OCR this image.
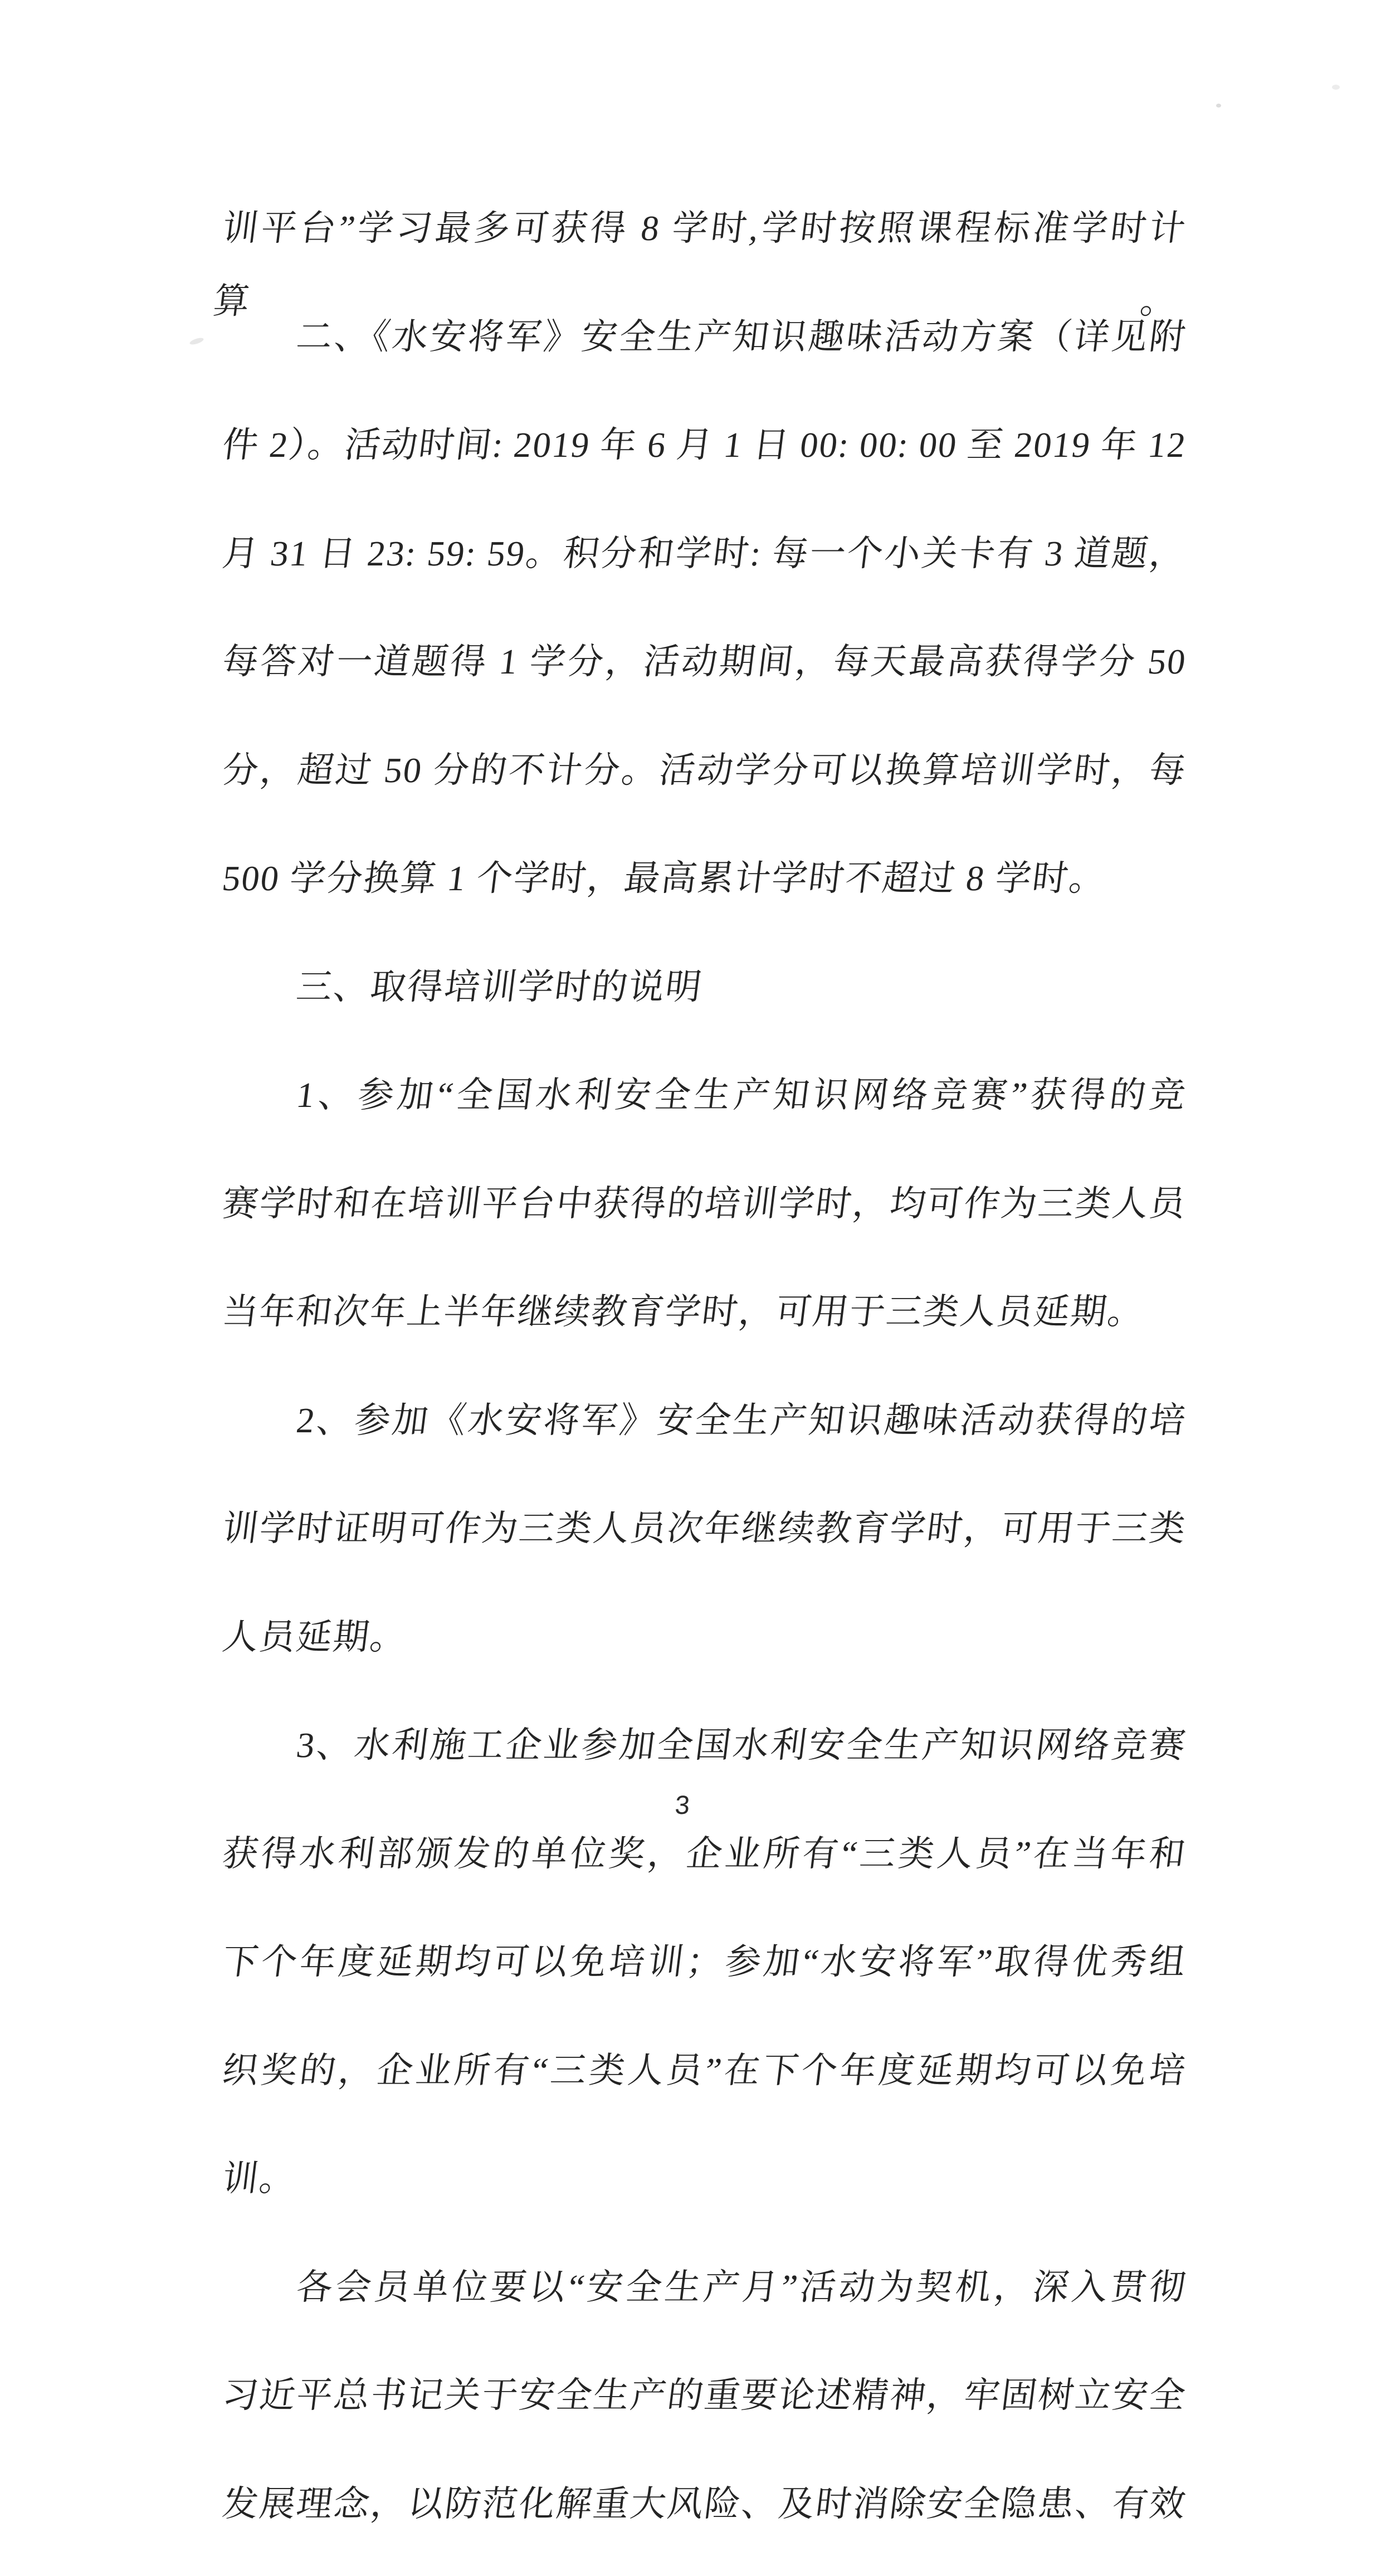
训平台”学习最多可获得 8 学时,学时按照课程标准学时计算。

二、《水安将军》安全生产知识趣味活动方案（详见附

件 2）。活动时间: 2019 年 6 月 1 日 00: 00: 00 至 2019 年 12

月 31 日 23: 59: 59。积分和学时: 每一个小关卡有 3 道题，

每答对一道题得 1 学分，活动期间，每天最高获得学分 50

分，超过 50 分的不计分。活动学分可以换算培训学时，每

500 学分换算 1 个学时，最高累计学时不超过 8 学时。

三、取得培训学时的说明

1、参加“全国水利安全生产知识网络竞赛”获得的竞

赛学时和在培训平台中获得的培训学时，均可作为三类人员

当年和次年上半年继续教育学时，可用于三类人员延期。

2、参加《水安将军》安全生产知识趣味活动获得的培

训学时证明可作为三类人员次年继续教育学时，可用于三类

人员延期。

3、水利施工企业参加全国水利安全生产知识网络竞赛

获得水利部颁发的单位奖，企业所有“三类人员”在当年和

下个年度延期均可以免培训；参加“水安将军”取得优秀组

织奖的，企业所有“三类人员”在下个年度延期均可以免培

训。

各会员单位要以“安全生产月”活动为契机，深入贯彻

习近平总书记关于安全生产的重要论述精神，牢固树立安全

发展理念，以防范化解重大风险、及时消除安全隐患、有效

3
